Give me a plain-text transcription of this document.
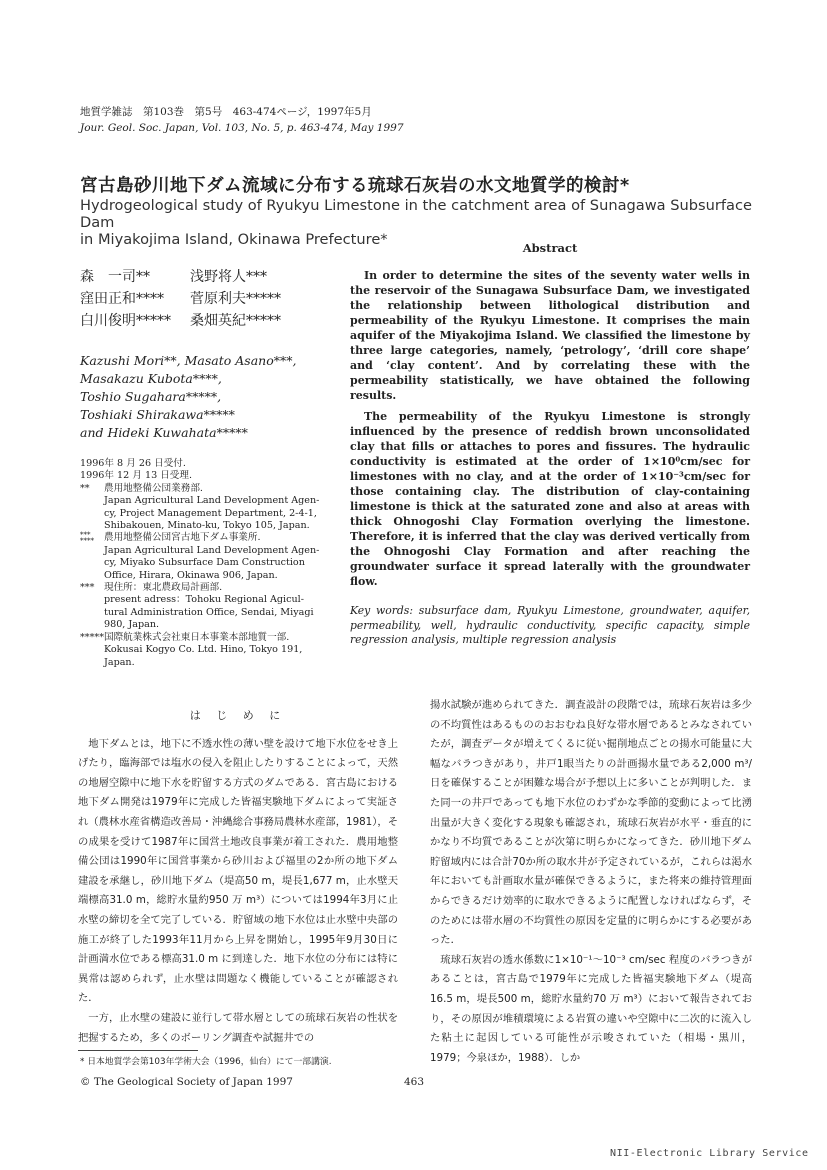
地質学雑誌　第103巻　第5号　463-474ページ，1997年5月
Jour. Geol. Soc. Japan, Vol. 103, No. 5, p. 463-474, May 1997
宮古島砂川地下ダム流域に分布する琉球石灰岩の水文地質学的検討*
Hydrogeological study of Ryukyu Limestone in the catchment area of Sunagawa Subsurface Dam
in Miyakojima Island, Okinawa Prefecture*
森　一司**	浅野将人***
窪田正和****	菅原利夫*****
白川俊明*****	桑畑英紀*****
Kazushi Mori**, Masato Asano***,
Masakazu Kubota****,
Toshio Sugahara*****,
Toshiaki Shirakawa*****
and Hideki Kuwahata*****
1996年 8 月 26 日受付.
1996年 12 月 13 日受理.
**	農用地整備公団業務部.
Japan Agricultural Land Development Agen-
cy, Project Management Department, 2-4-1,
Shibakouen, Minato-ku, Tokyo 105, Japan.
***
****	農用地整備公団宮古地下ダム事業所.
Japan Agricultural Land Development Agen-
cy, Miyako Subsurface Dam Construction
Office, Hirara, Okinawa 906, Japan.
***	現住所：東北農政局計画部.
present adress：Tohoku Regional Agicul-
tural Administration Office, Sendai, Miyagi
980, Japan.
***** 国際航業株式会社東日本事業本部地質一部.
Kokusai Kogyo Co. Ltd. Hino, Tokyo 191,
Japan.
Abstract

In order to determine the sites of the seventy water wells in the reservoir of the Sunagawa Subsurface Dam, we investigated the relationship between lithological distribution and permeability of the Ryukyu Limestone. It comprises the main aquifer of the Miyakojima Island. We classified the limestone by three large categories, namely, ‘petrology’, ‘drill core shape’ and ‘clay content’. And by correlating these with the permeability statistically, we have obtained the following results.

The permeability of the Ryukyu Limestone is strongly influenced by the presence of reddish brown unconsolidated clay that fills or attaches to pores and fissures. The hydraulic conductivity is estimated at the order of 1×10⁰cm/sec for limestones with no clay, and at the order of 1×10⁻³cm/sec for those containing clay. The distribution of clay-containing limestone is thick at the saturated zone and also at areas with thick Ohnogoshi Clay Formation overlying the limestone. Therefore, it is inferred that the clay was derived vertically from the Ohnogoshi Clay Formation and after reaching the groundwater surface it spread laterally with the groundwater flow.

Key words: subsurface dam, Ryukyu Limestone, groundwater, aquifer, permeability, well, hydraulic conductivity, specific capacity, simple regression analysis, multiple regression analysis
は じ め に

地下ダムとは，地下に不透水性の薄い壁を設けて地下水位をせき上げたり，臨海部では塩水の侵入を阻止したりすることによって，天然の地層空隙中に地下水を貯留する方式のダムである．宮古島における地下ダム開発は1979年に完成した皆福実験地下ダムによって実証され（農林水産省構造改善局・沖縄総合事務局農林水産部，1981），その成果を受けて1987年に国営土地改良事業が着工された．農用地整備公団は1990年に国営事業から砂川および福里の2か所の地下ダム建設を承継し，砂川地下ダム（堤高50 m，堤長1,677 m，止水壁天端標高31.0 m，総貯水量約950 万 m³）については1994年3月に止水壁の締切を全て完了している．貯留域の地下水位は止水壁中央部の施工が終了した1993年11月から上昇を開始し，1995年9月30日に計画満水位である標高31.0 m に到達した．地下水位の分布には特に異常は認められず，止水壁は問題なく機能していることが確認された．

一方，止水壁の建設に並行して帯水層としての琉球石灰岩の性状を把握するため，多くのボーリング調査や試掘井での

揚水試験が進められてきた．調査設計の段階では，琉球石灰岩は多少の不均質性はあるもののおおむね良好な帯水層であるとみなされていたが，調査データが増えてくるに従い掘削地点ごとの揚水可能量に大幅なバラつきがあり，井戸1眼当たりの計画揚水量である2,000 m³/日を確保することが困難な場合が予想以上に多いことが判明した．また同一の井戸であっても地下水位のわずかな季節的変動によって比湧出量が大きく変化する現象も確認され，琉球石灰岩が水平・垂直的にかなり不均質であることが次第に明らかになってきた．砂川地下ダム貯留域内には合計70か所の取水井が予定されているが，これらは渇水年においても計画取水量が確保できるように，また将来の維持管理面からできるだけ効率的に取水できるように配置しなければならず，そのためには帯水層の不均質性の原因を定量的に明らかにする必要があった．

琉球石灰岩の透水係数に1×10⁻¹〜10⁻³ cm/sec 程度のバラつきがあることは，宮古島で1979年に完成した皆福実験地下ダム（堤高16.5 m，堤長500 m，総貯水量約70 万 m³）において報告されており，その原因が堆積環境による岩質の違いや空隙中に二次的に流入した粘土に起因している可能性が示唆されていた（相場・黒川，1979；今泉ほか，1988）．しか

* 日本地質学会第103年学術大会（1996，仙台）にて一部講演.
© The Geological Society of Japan 1997	463
NII-Electronic Library Service
